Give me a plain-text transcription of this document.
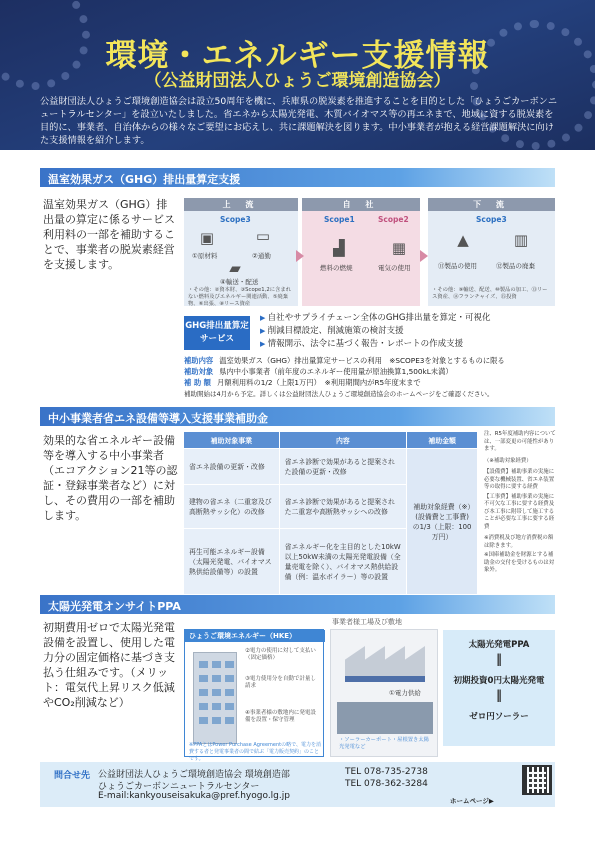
環境・エネルギー支援情報
（公益財団法人ひょうご環境創造協会）
公益財団法人ひょうご環境創造協会は設立50周年を機に、兵庫県の脱炭素を推進することを目的とした「ひょうごカーボンニュートラルセンター」を設立いたしました。省エネから太陽光発電、木質バイオマス等の再エネまで、地域に資する脱炭素を目的に、事業者、自治体からの様々なご要望にお応えし、共に課題解決を図ります。中小事業者が抱える経営課題解決に向けた支援情報を紹介します。
温室効果ガス（GHG）排出量算定支援
温室効果ガス（GHG）排出量の算定に係るサービス利用料の一部を補助することで、事業者の脱炭素経営を支援します。
上 流
Scope3
▣	▭
①原材料	②通勤
▰
④輸送・配送
・その他：②資本財、③Scope1,2に含まれない燃料及びエネルギー関連活動、⑤廃棄物、⑥出張、⑧リース資産
自 社
Scope1	Scope2
▟	▦
燃料の燃焼	電気の使用
下 流
Scope3
▲	▥
⑪製品の使用	⑫製品の廃棄
・その他：⑨輸送、配送、⑩製品の加工、⑬リース資産、⑭フランチャイズ、⑮投資
GHG排出量算定サービス
▶ 自社やサプライチェーン全体のGHG排出量を算定・可視化
▶ 削減目標設定、削減施策の検討支援
▶ 情報開示、法令に基づく報告・レポートの作成支援
補助内容 温室効果ガス（GHG）排出量算定サービスの利用　※SCOPE3を対象とするものに限る
補助対象 県内中小事業者（前年度のエネルギー使用量が原油換算1,500kL未満）
補 助 額 月額利用料の1/2（上限1万円）　※利用期間内がR5年度末まで
補助開始は4月から予定。詳しくは公益財団法人ひょうご環境創造協会のホームページをご確認ください。
中小事業者省エネ設備等導入支援事業補助金
効果的な省エネルギー設備等を導入する中小事業者（エコアクション21等の認証・登録事業者など）に対し、その費用の一部を補助します。
補助対象事業	内容	補助金額
省エネ設備の更新・改修	省エネ診断で効果があると提案された設備の更新・改修	補助対象経費（※）(設備費と工事費)の1/3（上限：100万円）
建物の省エネ（二重窓及び高断熱サッシ化）の改修	省エネ診断で効果があると提案された二重窓や高断熱サッシへの改修	
再生可能エネルギー設備（太陽光発電、バイオマス熱供給設備等）の設置	省エネルギー化を主目的とした10kW以上50kW未満の太陽光発電設備（全量売電を除く）、バイオマス熱供給設備（例：温水ボイラー）等の設置	
注、R5年度補助内容については、一部変更の可能性があります。
（※補助対象経費）
【設備費】補助事業の実施に必要な機械装置、省エネ装置等の取得に要する経費
【工事費】補助事業の実施に不可欠な工事に要する経費及び本工事に附帯して施工することが必要な工事に要する経費
※消費税及び地方消費税の額は除きます。
※国庫補助金を財源とする補助金の交付を受けるものは対象外。
太陽光発電オンサイトPPA
初期費用ゼロで太陽光発電設備を設置し、使用した電力分の固定価格に基づき支払う仕組みです。（メリット：電気代上昇リスク低減やCO₂削減など）
ひょうご環境エネルギー（HKE）
②電力の使用に対して支払い（固定価格）
③電力使用分を自動で計量し請求
④事業者様の敷地内に発電設備を設置・保守管理
※PPAとはPower Purchase Agreementの略で、電力を消費する者と発電事業者の間で結ぶ「電力販売契約」のことです。
事業者様工場及び敷地
①電力供給
・ソーラーカーポート・屋根置き太陽光発電など
太陽光発電PPA
‖
初期投資0円太陽光発電
‖
ゼロ円ソーラー
問合せ先 公益財団法人ひょうご環境創造協会 環境創造部
ひょうごカーボンニュートラルセンター
E-mail:kankyouseisakuka@pref.hyogo.lg.jp
TEL 078-735-2738
TEL 078-362-3284
ホームページ▶
